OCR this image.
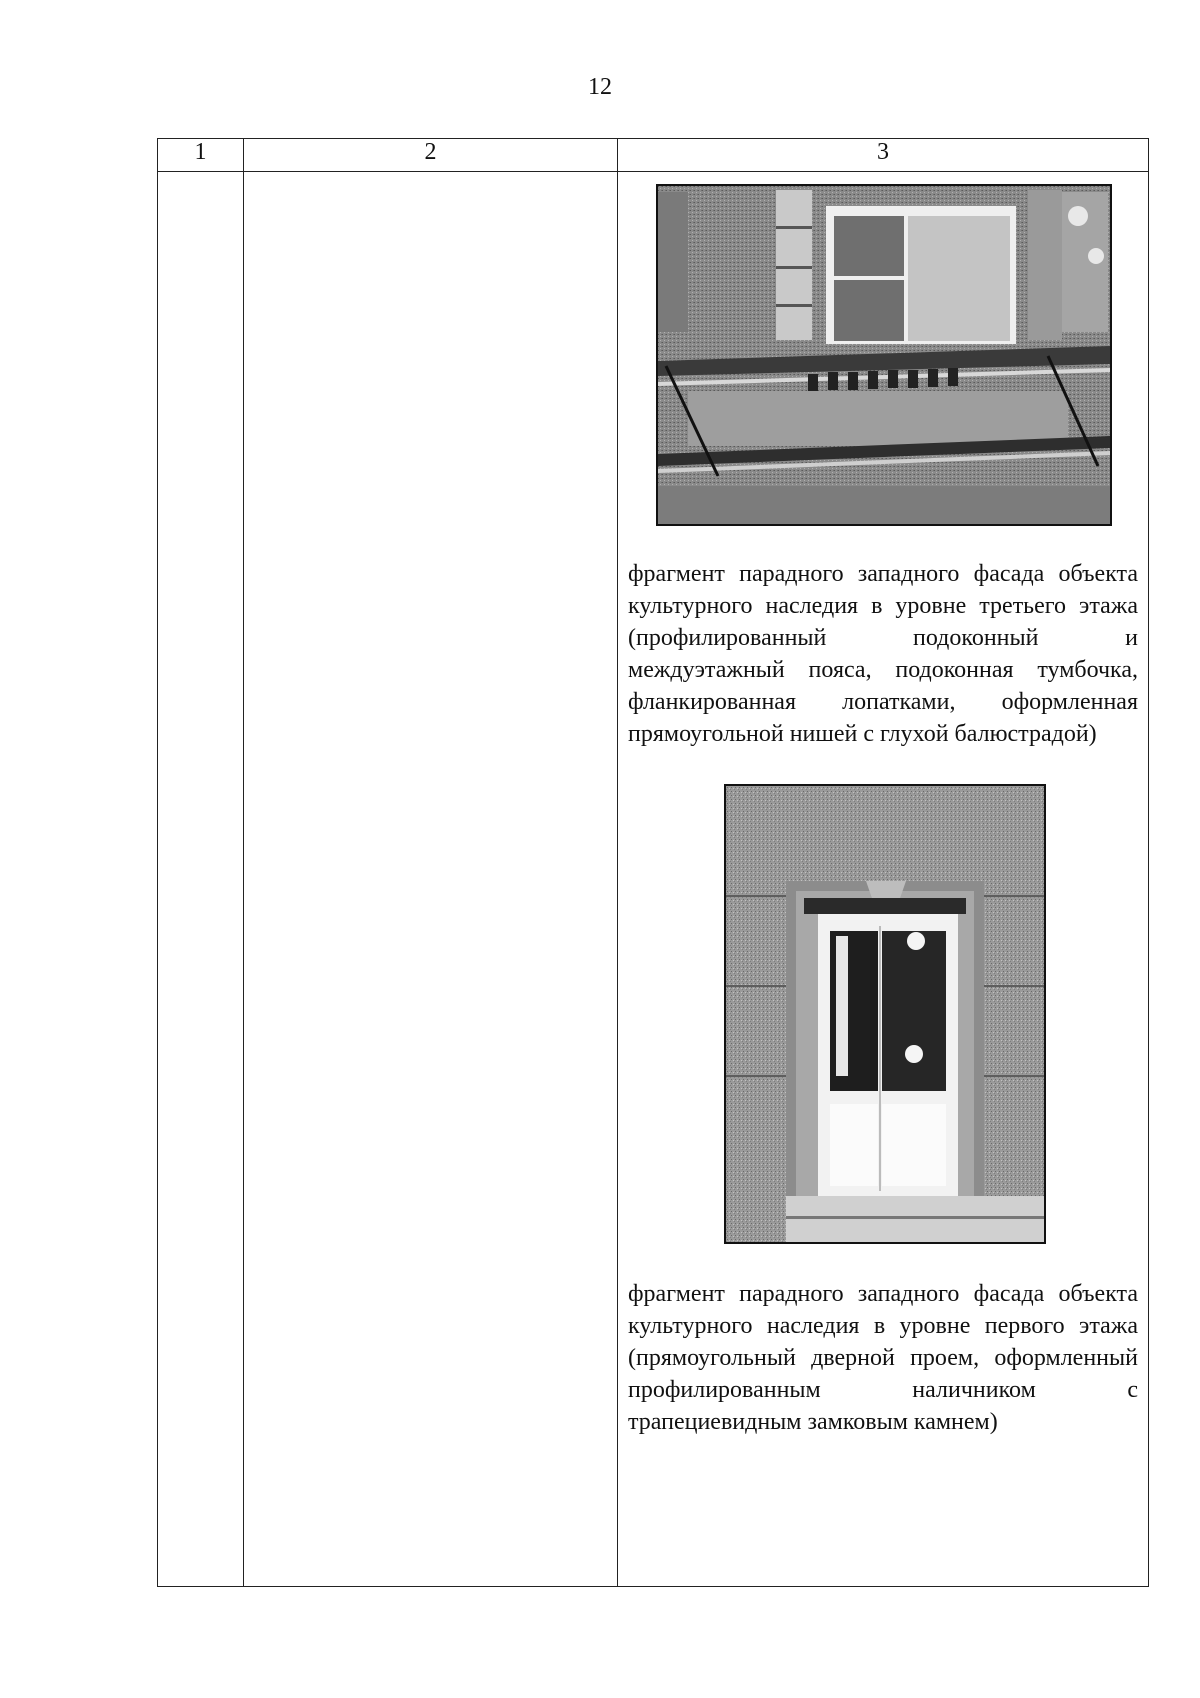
12
1	2	3

		фрагмент парадного западного фасада объекта культурного наследия в уровне третьего этажа (профилированный подоконный и междуэтажный пояса, подоконная тумбочка, фланкированная лопатками, оформленная прямоугольной нишей с глухой балюстрадой)

фрагмент парадного западного фасада объекта культурного наследия в уровне первого этажа (прямоугольный дверной проем, оформленный профилированным наличником с трапециевидным замковым камнем)
